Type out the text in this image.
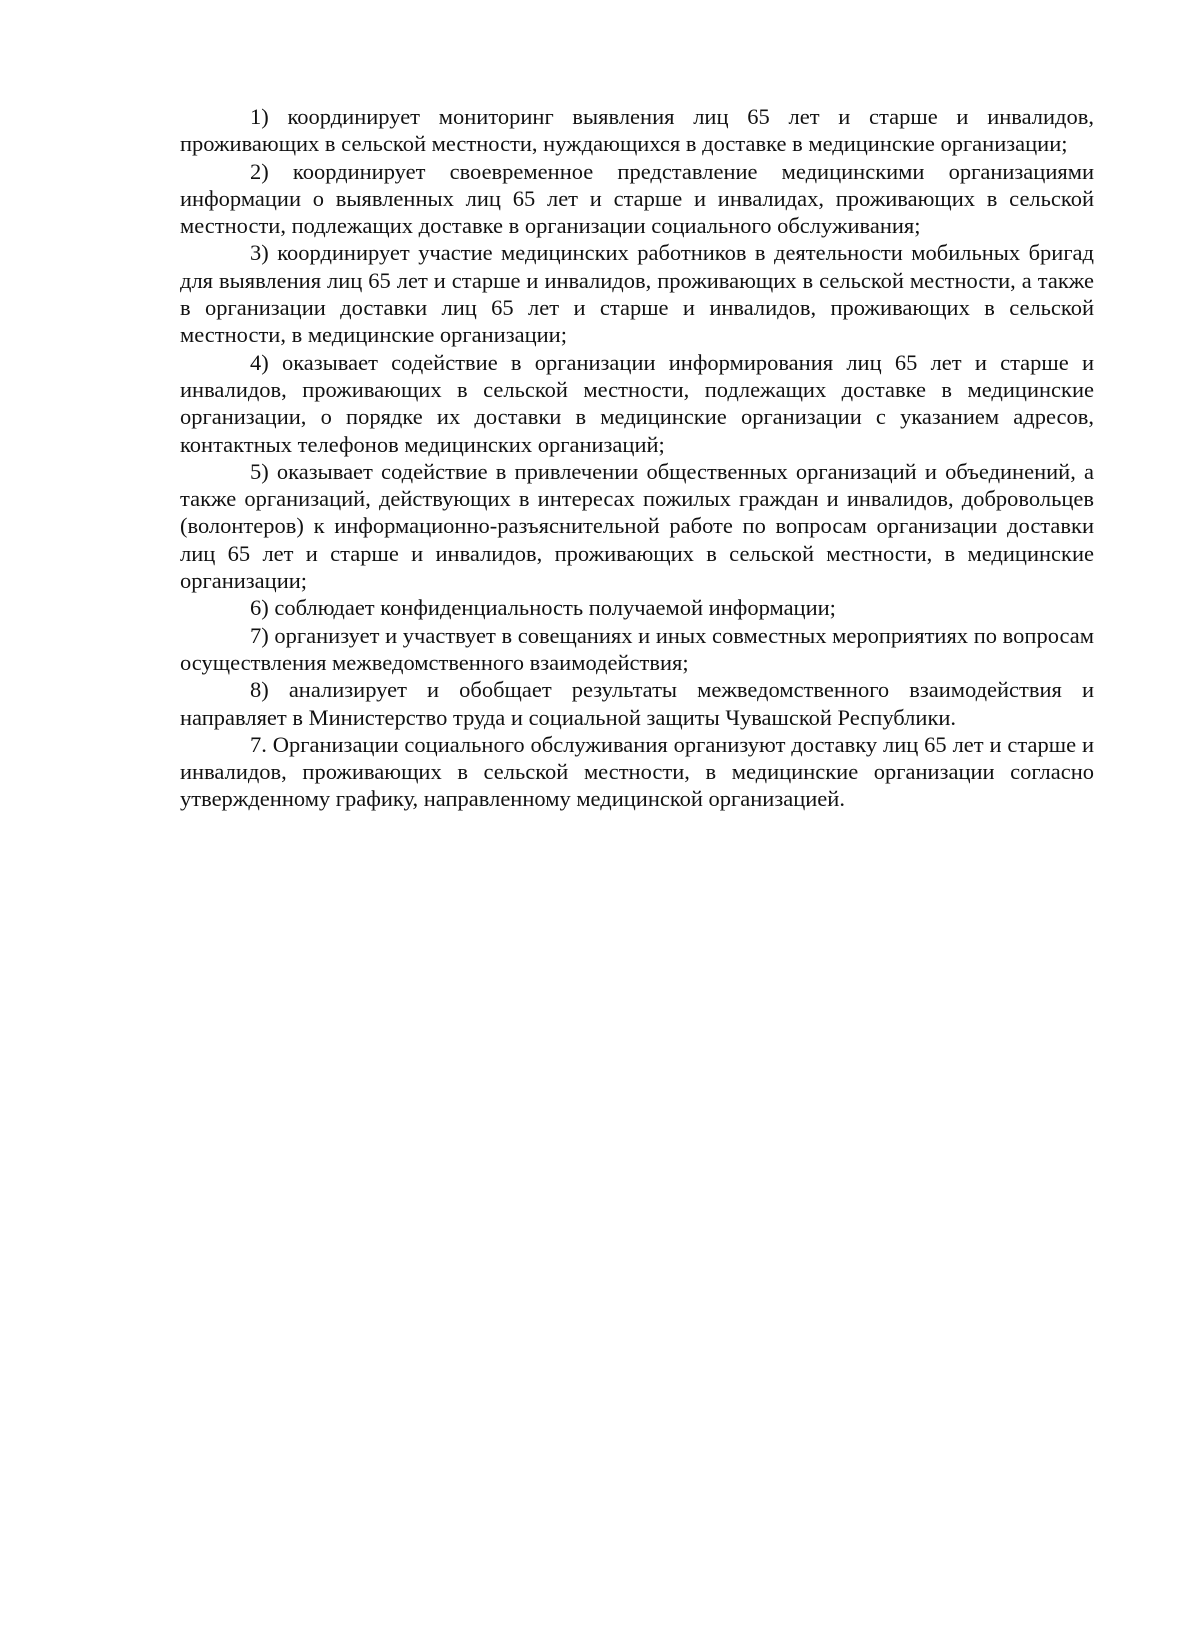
1) координирует мониторинг выявления лиц 65 лет и старше и инвалидов, проживающих в сельской местности, нуждающихся в доставке в медицинские организации;

2) координирует своевременное представление медицинскими организациями информации о выявленных лиц 65 лет и старше и инвалидах, проживающих в сельской местности, подлежащих доставке в организации социального обслуживания;

3) координирует участие медицинских работников в деятельности мобильных бригад для выявления лиц 65 лет и старше и инвалидов, проживающих в сельской местности, а также в организации доставки лиц 65 лет и старше и инвалидов, проживающих в сельской местности, в медицинские организации;

4) оказывает содействие в организации информирования лиц 65 лет и старше и инвалидов, проживающих в сельской местности, подлежащих доставке в медицинские организации, о порядке их доставки в медицинские организации с указанием адресов, контактных телефонов медицинских организаций;

5) оказывает содействие в привлечении общественных организаций и объединений, а также организаций, действующих в интересах пожилых граждан и инвалидов, добровольцев (волонтеров) к информационно-разъяснительной работе по вопросам организации доставки лиц 65 лет и старше и инвалидов, проживающих в сельской местности, в медицинские организации;

6) соблюдает конфиденциальность получаемой информации;

7) организует и участвует в совещаниях и иных совместных мероприятиях по вопросам осуществления межведомственного взаимодействия;

8) анализирует и обобщает результаты межведомственного взаимодействия и направляет в Министерство труда и социальной защиты Чувашской Республики.

7. Организации социального обслуживания организуют доставку лиц 65 лет и старше и инвалидов, проживающих в сельской местности, в медицинские организации согласно утвержденному графику, направленному медицинской организацией.
